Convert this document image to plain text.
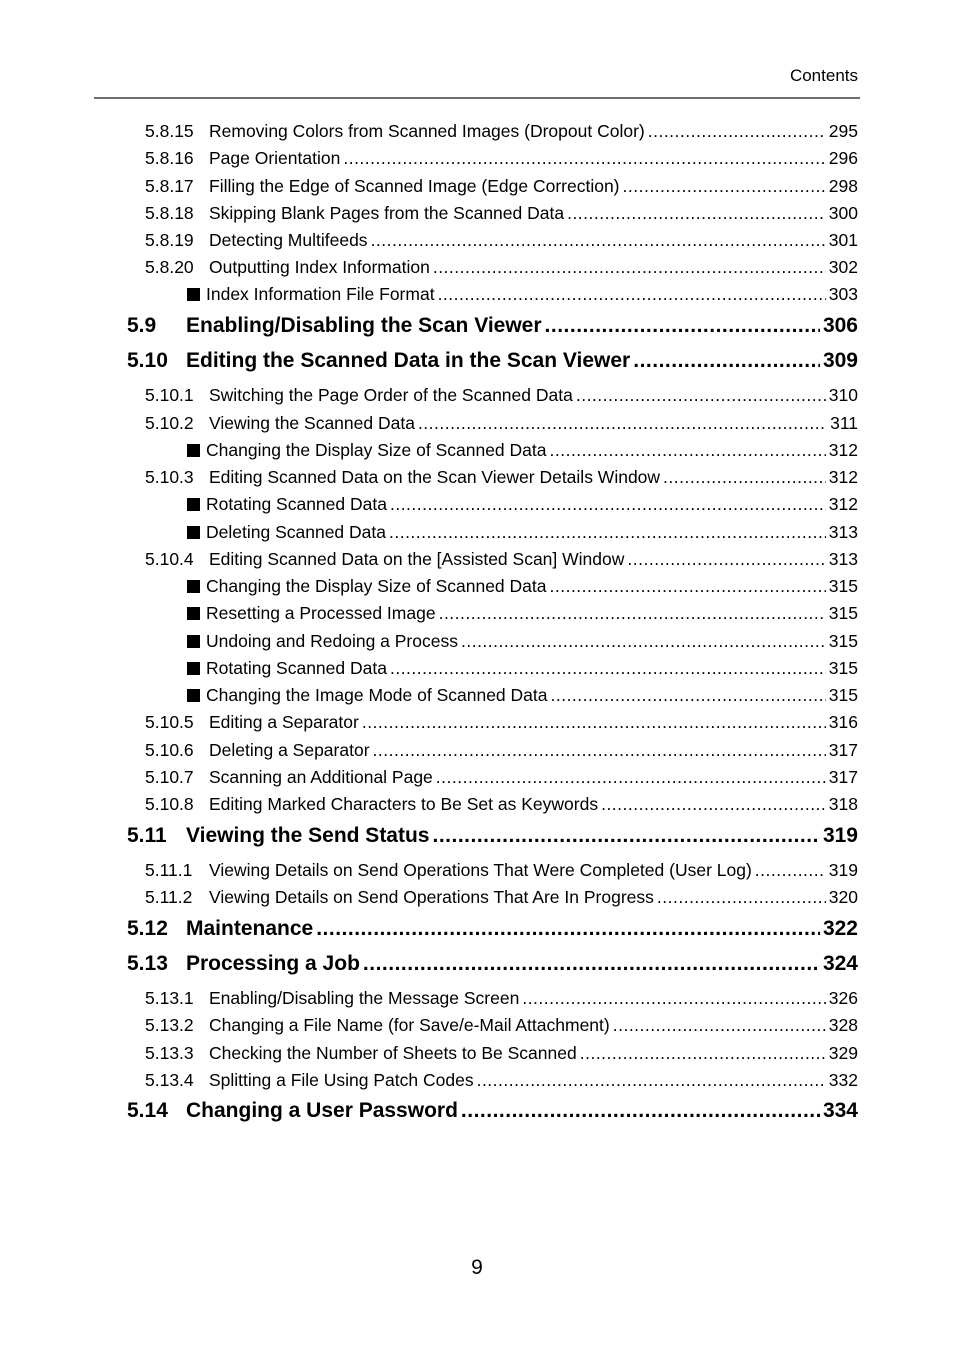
Contents
5.8.15 Removing Colors from Scanned Images (Dropout Color) .....	295
5.8.16 Page Orientation .....	296
5.8.17 Filling the Edge of Scanned Image (Edge Correction) .....	298
5.8.18 Skipping Blank Pages from the Scanned Data .....	300
5.8.19 Detecting Multifeeds .....	301
5.8.20 Outputting Index Information .....	302
Index Information File Format .....	303
5.9 Enabling/Disabling the Scan Viewer .....	306
5.10 Editing the Scanned Data in the Scan Viewer .....	309
5.10.1 Switching the Page Order of the Scanned Data .....	310
5.10.2 Viewing the Scanned Data .....	311
Changing the Display Size of Scanned Data .....	312
5.10.3 Editing Scanned Data on the Scan Viewer Details Window .....	312
Rotating Scanned Data .....	312
Deleting Scanned Data .....	313
5.10.4 Editing Scanned Data on the [Assisted Scan] Window .....	313
Changing the Display Size of Scanned Data .....	315
Resetting a Processed Image .....	315
Undoing and Redoing a Process .....	315
Rotating Scanned Data .....	315
Changing the Image Mode of Scanned Data .....	315
5.10.5 Editing a Separator .....	316
5.10.6 Deleting a Separator .....	317
5.10.7 Scanning an Additional Page .....	317
5.10.8 Editing Marked Characters to Be Set as Keywords .....	318
5.11 Viewing the Send Status .....	319
5.11.1 Viewing Details on Send Operations That Were Completed (User Log) .....	319
5.11.2 Viewing Details on Send Operations That Are In Progress .....	320
5.12 Maintenance .....	322
5.13 Processing a Job .....	324
5.13.1 Enabling/Disabling the Message Screen .....	326
5.13.2 Changing a File Name (for Save/e-Mail Attachment) .....	328
5.13.3 Checking the Number of Sheets to Be Scanned .....	329
5.13.4 Splitting a File Using Patch Codes .....	332
5.14 Changing a User Password .....	334
9
